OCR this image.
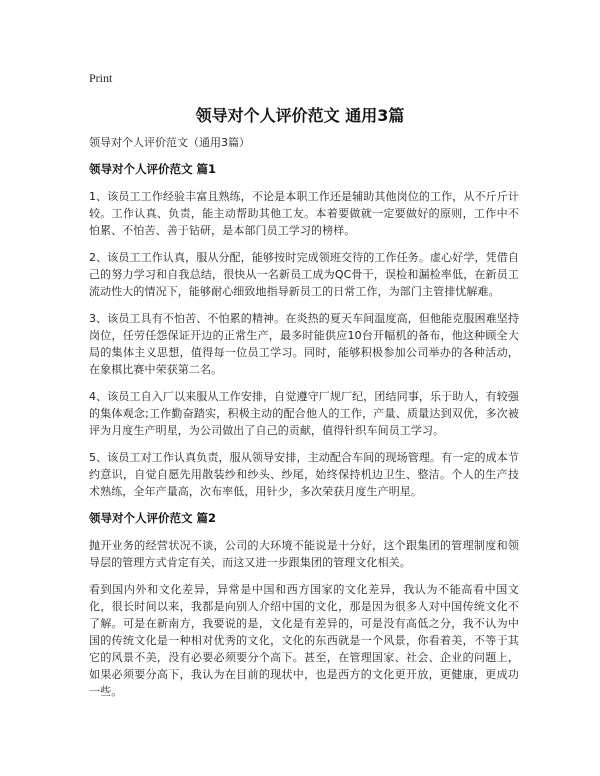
Print
领导对个人评价范文 通用3篇

领导对个人评价范文（通用3篇）

领导对个人评价范文 篇1

1、该员工工作经验丰富且熟练，不论是本职工作还是辅助其他岗位的工作，从不斤斤计较。工作认真、负责，能主动帮助其他工友。本着要做就一定要做好的原则，工作中不怕累、不怕苦、善于钻研，是本部门员工学习的榜样。

2、该员工工作认真，服从分配，能够按时完成领班交待的工作任务。虚心好学，凭借自己的努力学习和自我总结，很快从一名新员工成为QC骨干，误检和漏检率低，在新员工流动性大的情况下，能够耐心细致地指导新员工的日常工作，为部门主管排忧解难。

3、该员工具有不怕苦、不怕累的精神。在炎热的夏天车间温度高，但他能克服困难坚持岗位，任劳任怨保证开边的正常生产，最多时能供应10台开幅机的备布，他这种顾全大局的集体主义思想，值得每一位员工学习。同时，能够积极参加公司举办的各种活动，在象棋比赛中荣获第二名。

4、该员工自入厂以来服从工作安排，自觉遵守厂规厂纪，团结同事，乐于助人，有较强的集体观念;工作勤奋踏实，积极主动的配合他人的工作，产量、质量达到双优，多次被评为月度生产明星，为公司做出了自己的贡献，值得针织车间员工学习。

5、该员工对工作认真负责，服从领导安排，主动配合车间的现场管理。有一定的成本节约意识，自觉自愿先用散装纱和纱头、纱尾，始终保持机边卫生、整洁。个人的生产技术熟练，全年产量高，次布率低，用针少，多次荣获月度生产明星。

领导对个人评价范文 篇2

抛开业务的经营状况不谈，公司的大环境不能说是十分好，这个跟集团的管理制度和领导层的管理方式肯定有关，而这又进一步跟集团的管理文化相关。

看到国内外和文化差异，异常是中国和西方国家的文化差异，我认为不能高看中国文化，很长时间以来，我都是向别人介绍中国的文化，那是因为很多人对中国传统文化不了解。可是在新南方，我要说的是，文化是有差异的，可是没有高低之分，我不认为中国的传统文化是一种相对优秀的文化，文化的东西就是一个风景，你看着美，不等于其它的风景不美，没有必要必须要分个高下。甚至，在管理国家、社会、企业的问题上，如果必须要分高下，我认为在目前的现状中，也是西方的文化更开放，更健康，更成功一些。
